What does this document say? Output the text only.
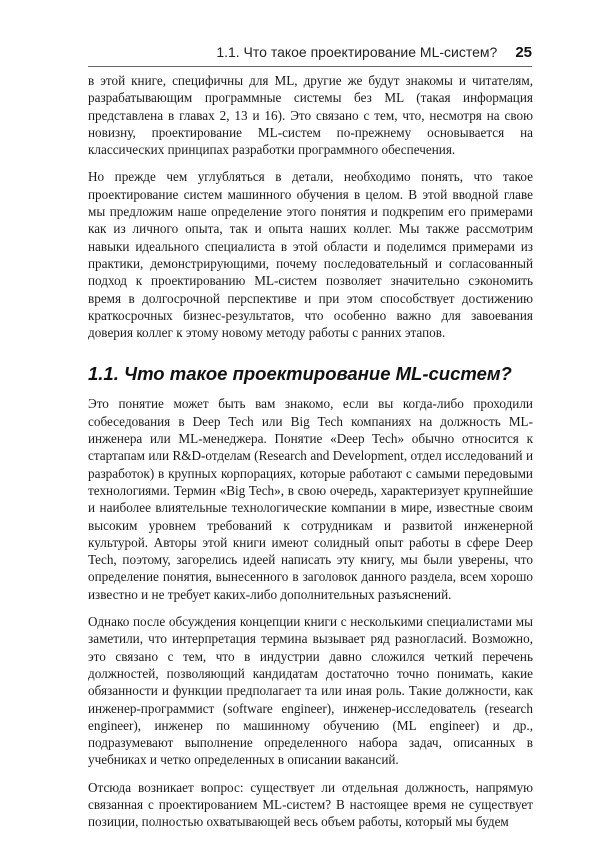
1.1. Что такое проектирование ML-систем? 25

в этой книге, специфичны для ML, другие же будут знакомы и читателям, разрабатывающим программные системы без ML (такая информация представлена в главах 2, 13 и 16). Это связано с тем, что, несмотря на свою новизну, проектирование ML-систем по-прежнему основывается на классических принципах разработки программного обеспечения.

Но прежде чем углубляться в детали, необходимо понять, что такое проектирование систем машинного обучения в целом. В этой вводной главе мы предложим наше определение этого понятия и подкрепим его примерами как из личного опыта, так и опыта наших коллег. Мы также рассмотрим навыки идеального специалиста в этой области и поделимся примерами из практики, демонстрирующими, почему последовательный и согласованный подход к проектированию ML-систем позволяет значительно сэкономить время в долгосрочной перспективе и при этом способствует достижению краткосрочных бизнес-результатов, что особенно важно для завоевания доверия коллег к этому новому методу работы с ранних этапов.

1.1. Что такое проектирование ML-систем?

Это понятие может быть вам знакомо, если вы когда-либо проходили собеседования в Deep Tech или Big Tech компаниях на должность ML-инженера или ML-менеджера. Понятие «Deep Tech» обычно относится к стартапам или R&D-отделам (Research and Development, отдел исследований и разработок) в крупных корпорациях, которые работают с самыми передовыми технологиями. Термин «Big Tech», в свою очередь, характеризует крупнейшие и наиболее влиятельные технологические компании в мире, известные своим высоким уровнем требований к сотрудникам и развитой инженерной культурой. Авторы этой книги имеют солидный опыт работы в сфере Deep Tech, поэтому, загорелись идеей написать эту книгу, мы были уверены, что определение понятия, вынесенного в заголовок данного раздела, всем хорошо известно и не требует каких-либо дополнительных разъяснений.

Однако после обсуждения концепции книги с несколькими специалистами мы заметили, что интерпретация термина вызывает ряд разногласий. Возможно, это связано с тем, что в индустрии давно сложился четкий перечень должностей, позволяющий кандидатам достаточно точно понимать, какие обязанности и функции предполагает та или иная роль. Такие должности, как инженер-программист (software engineer), инженер-исследователь (research engineer), инженер по машинному обучению (ML engineer) и др., подразумевают выполнение определенного набора задач, описанных в учебниках и четко определенных в описании вакансий.

Отсюда возникает вопрос: существует ли отдельная должность, напрямую связанная с проектированием ML-систем? В настоящее время не существует позиции, полностью охватывающей весь объем работы, который мы будем
